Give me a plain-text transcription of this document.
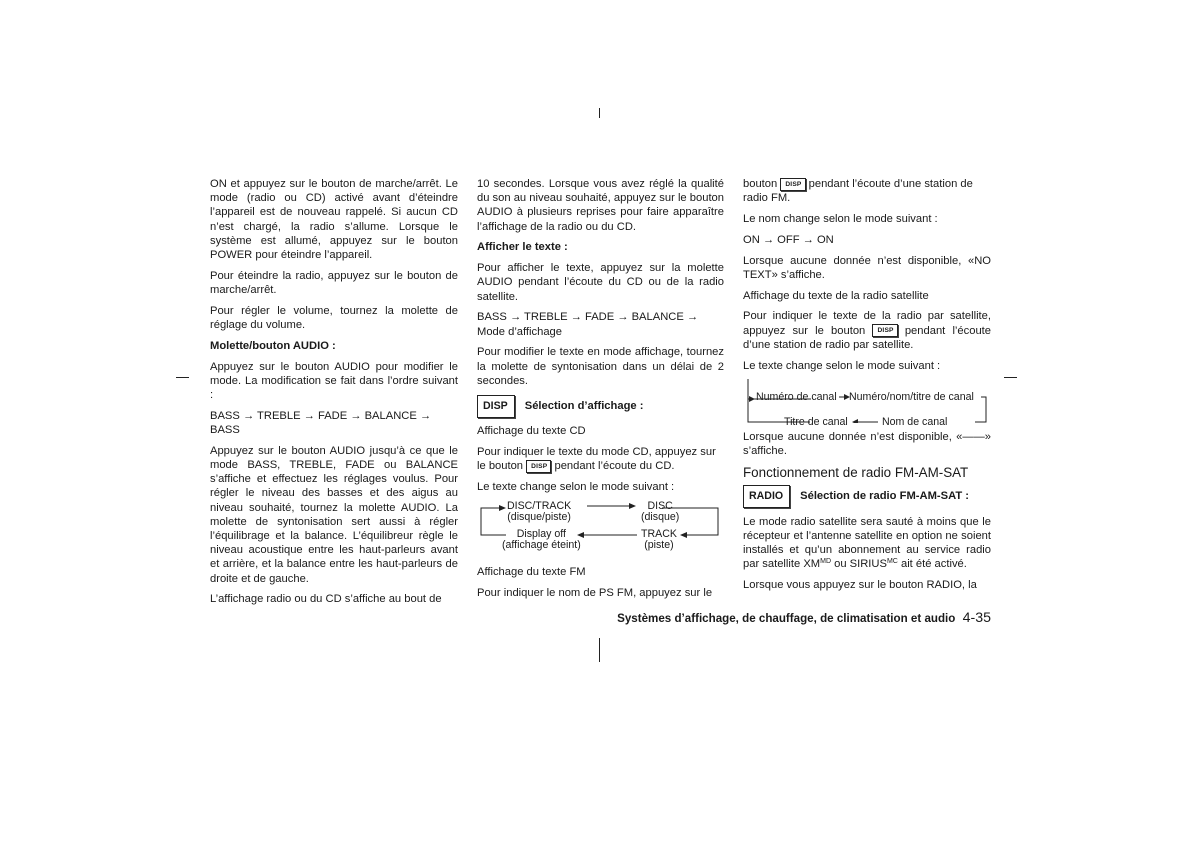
ON et appuyez sur le bouton de marche/arrêt. Le mode (radio ou CD) activé avant d’éteindre l’appareil est de nouveau rappelé. Si aucun CD n’est chargé, la radio s’allume. Lorsque le système est allumé, appuyez sur le bouton POWER pour éteindre l’appareil.

Pour éteindre la radio, appuyez sur le bouton de marche/arrêt.

Pour régler le volume, tournez la molette de réglage du volume.

Molette/bouton AUDIO :

Appuyez sur le bouton AUDIO pour modifier le mode. La modification se fait dans l’ordre suivant :

BASS → TREBLE → FADE → BALANCE → BASS

Appuyez sur le bouton AUDIO jusqu’à ce que le mode BASS, TREBLE, FADE ou BALANCE s’affiche et effectuez les réglages voulus. Pour régler le niveau des basses et des aigus au niveau souhaité, tournez la molette AUDIO. La molette de syntonisation sert aussi à régler l’équilibrage et la balance. L’équilibreur règle le niveau acoustique entre les haut-parleurs avant et arrière, et la balance entre les haut-parleurs de droite et de gauche.

L’affichage radio ou du CD s’affiche au bout de

10 secondes. Lorsque vous avez réglé la qualité du son au niveau souhaité, appuyez sur le bouton AUDIO à plusieurs reprises pour faire apparaître l’affichage de la radio ou du CD.

Afficher le texte :

Pour afficher le texte, appuyez sur la molette AUDIO pendant l’écoute du CD ou de la radio satellite.

BASS → TREBLE → FADE → BALANCE → Mode d’affichage

Pour modifier le texte en mode affichage, tournez la molette de syntonisation dans un délai de 2 secondes.

DISP	Sélection d’affichage :

Affichage du texte CD

Pour indiquer le texte du mode CD, appuyez sur le bouton DISP pendant l’écoute du CD.

Le texte change selon le mode suivant :

DISC/TRACK
(disque/piste)
DISC
(disque)
Display off
(affichage éteint)
TRACK
(piste)

Affichage du texte FM

Pour indiquer le nom de PS FM, appuyez sur le

bouton DISP pendant l’écoute d’une station de radio FM.

Le nom change selon le mode suivant :

ON → OFF → ON

Lorsque aucune donnée n’est disponible, «NO TEXT» s’affiche.

Affichage du texte de la radio satellite

Pour indiquer le texte de la radio par satellite, appuyez sur le bouton DISP pendant l’écoute d’une station de radio par satellite.

Le texte change selon le mode suivant :

Numéro de canal Numéro/nom/titre de canal
Titre de canal	Nom de canal

Lorsque aucune donnée n’est disponible, «——» s’affiche.

Fonctionnement de radio FM-AM-SAT
RADIO	Sélection de radio FM-AM-SAT :

Le mode radio satellite sera sauté à moins que le récepteur et l’antenne satellite en option ne soient installés et qu’un abonnement au service radio par satellite $XM^{MD}$ ou $SIRIUS^{MC}$ ait été activé.

Lorsque vous appuyez sur le bouton RADIO, la

Systèmes d’affichage, de chauffage, de climatisation et audio 4-35
